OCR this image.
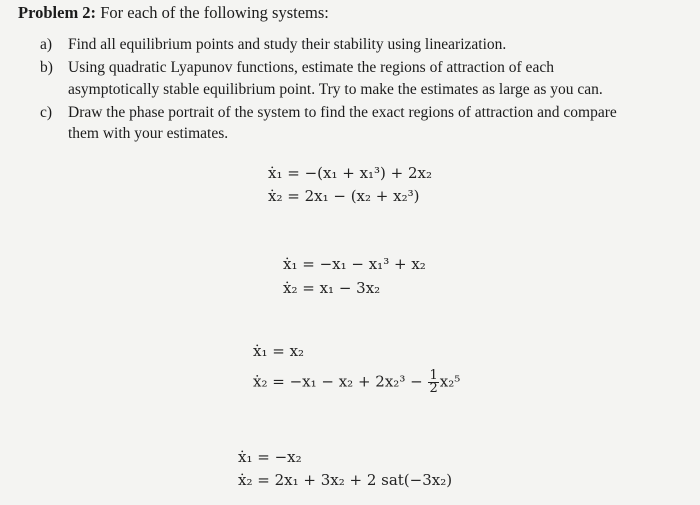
Problem 2: For each of the following systems:
a) Find all equilibrium points and study their stability using linearization.
b) Using quadratic Lyapunov functions, estimate the regions of attraction of each
asymptotically stable equilibrium point. Try to make the estimates as large as you can.
c) Draw the phase portrait of the system to find the exact regions of attraction and compare
them with your estimates.
ẋ₁ = −(x₁ + x₁³) + 2x₂
ẋ₂ = 2x₁ − (x₂ + x₂³)
ẋ₁ = −x₁ − x₁³ + x₂
ẋ₂ = x₁ − 3x₂
ẋ₁ = x₂
ẋ₂ = $-x_1 - x_2 + 2x_2^3 - \frac{1}{2} x_2^5$
ẋ₁ = −x₂
ẋ₂ = 2x₁ + 3x₂ + 2 sat(−3x₂)
